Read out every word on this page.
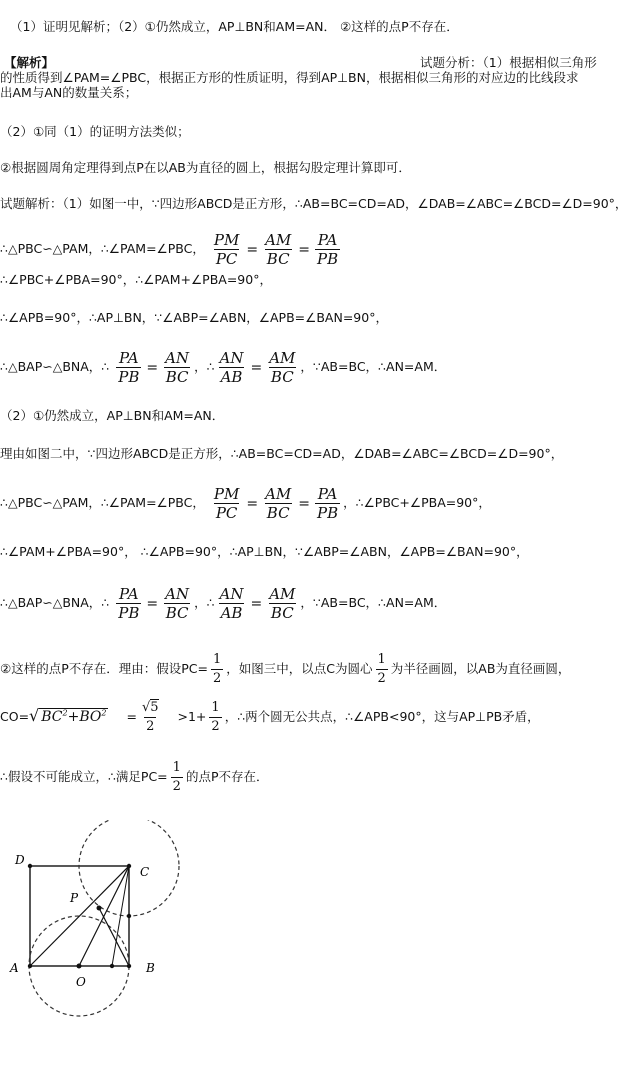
（1）证明见解析；（2）①仍然成立，AP⊥BN和AM=AN． ②这样的点P不存在．
【解析】	试题分析：（1）根据相似三角形
的性质得到∠PAM=∠PBC，根据正方形的性质证明，得到AP⊥BN，根据相似三角形的对应边的比线段求
出AM与AN的数量关系；
（2）①同（1）的证明方法类似；
②根据圆周角定理得到点P在以AB为直径的圆上，根据勾股定理计算即可．
试题解析：（1）如图一中，∵四边形ABCD是正方形，∴AB=BC=CD=AD，∠DAB=∠ABC=∠BCD=∠D=90°，
∴△PBC∽△PAM，∴∠PAM=∠PBC， $\frac{PM}{PC} = \frac{AM}{BC} = \frac{PA}{PB}$
∴∠PBC+∠PBA=90°，∴∠PAM+∠PBA=90°，
∴∠APB=90°，∴AP⊥BN，∵∠ABP=∠ABN，∠APB=∠BAN=90°，
∴△BAP∽△BNA，∴ $\frac{PA}{PB} = \frac{AN}{BC}$ ，∴ $\frac{AN}{AB} = \frac{AM}{BC}$ ，∵AB=BC，∴AN=AM．
（2）①仍然成立，AP⊥BN和AM=AN．
理由如图二中，∵四边形ABCD是正方形，∴AB=BC=CD=AD，∠DAB=∠ABC=∠BCD=∠D=90°，
∴△PBC∽△PAM，∴∠PAM=∠PBC， $\frac{PM}{PC} = \frac{AM}{BC} = \frac{PA}{PB}$ ，∴∠PBC+∠PBA=90°，
∴∠PAM+∠PBA=90°， ∴∠APB=90°，∴AP⊥BN，∵∠ABP=∠ABN，∠APB=∠BAN=90°，
∴△BAP∽△BNA，∴ $\frac{PA}{PB} = \frac{AN}{BC}$ ，∴ $\frac{AN}{AB} = \frac{AM}{BC}$ ，∵AB=BC，∴AN=AM．
②这样的点P不存在．理由：假设$PC= \frac{1}{2}$ ，如图三中，以点C为圆心 $\frac{1}{2}$ 为半径画圆，以AB为直径画圆，
CO=√ $BC^2+BO^2 = \frac{√5}{2} >1+ \frac{1}{2}$ ，∴两个圆无公共点，∴∠APB<90°，这与AP⊥PB矛盾，
∴假设不可能成立，∴满足$PC= \frac{1}{2}$ 的点P不存在．
D
C
P
A
O
B
